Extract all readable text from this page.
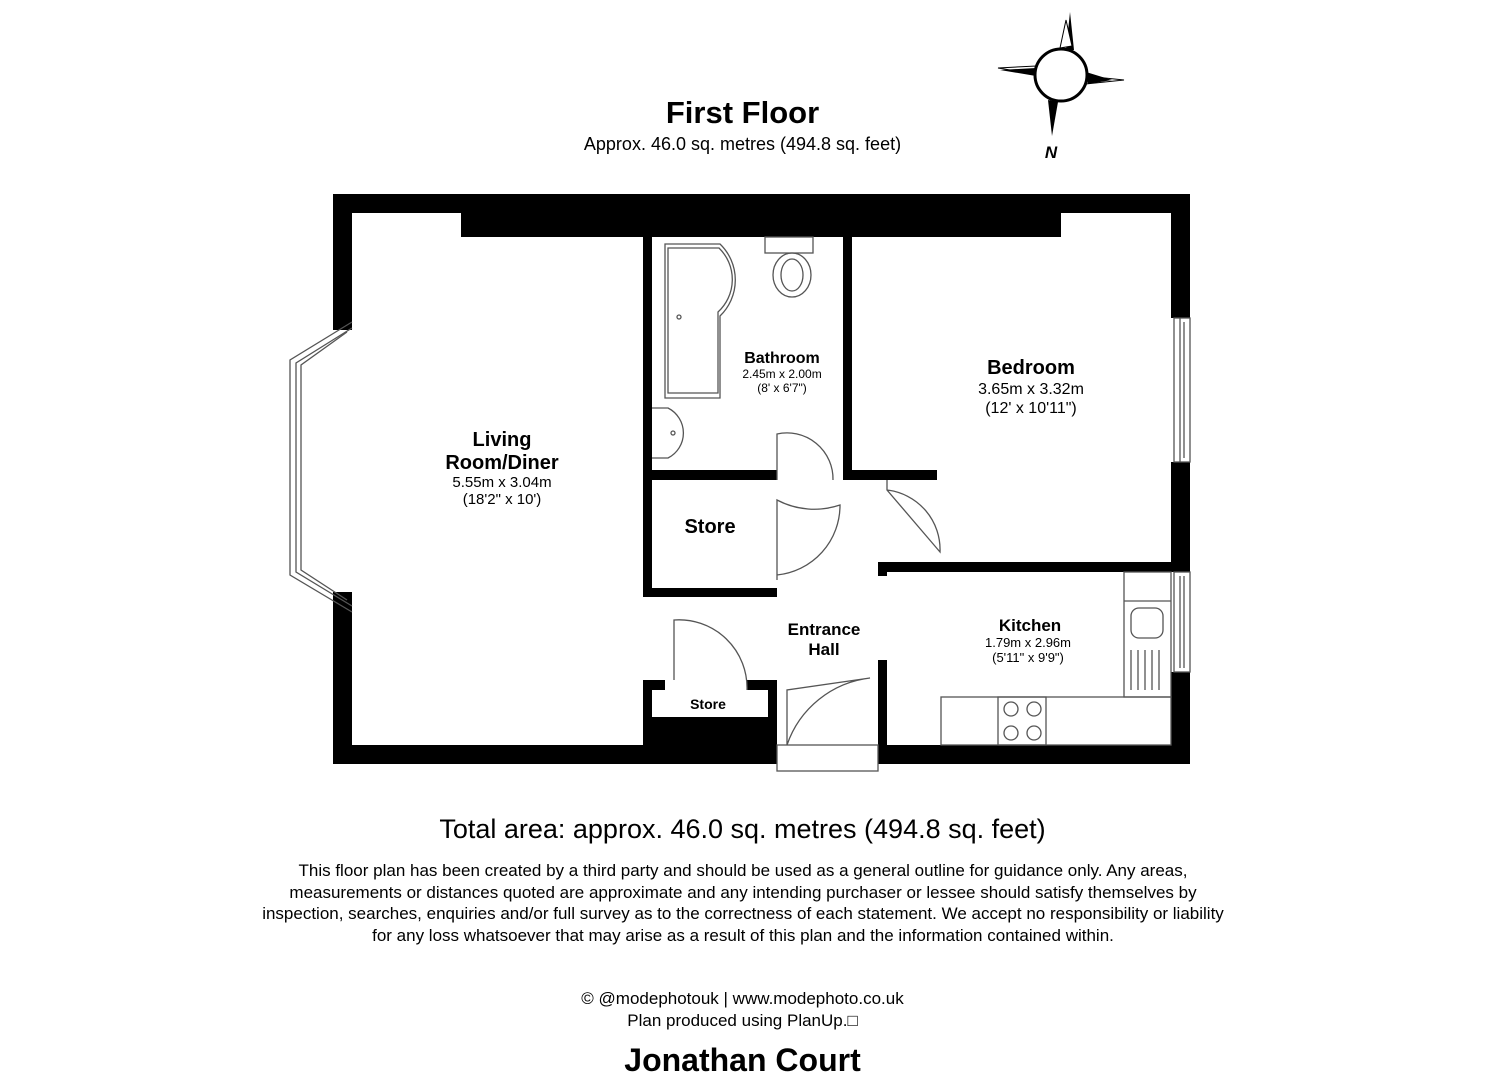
N
Living
Room/Diner
5.55m x 3.04m
(18'2" x 10')
Bathroom
2.45m x 2.00m
(8' x 6'7")
Bedroom
3.65m x 3.32m
(12' x 10'11")
Store
Store
Entrance
Hall
Kitchen
1.79m x 2.96m
(5'11" x 9'9")
First Floor
Approx. 46.0 sq. metres (494.8 sq. feet)
Total area: approx. 46.0 sq. metres (494.8 sq. feet)
This floor plan has been created by a third party and should be used as a general outline for guidance only. Any areas, measurements or distances quoted are approximate and any intending purchaser or lessee should satisfy themselves by inspection, searches, enquiries and/or full survey as to the correctness of each statement. We accept no responsibility or liability for any loss whatsoever that may arise as a result of this plan and the information contained within.
© @modephotouk | www.modephoto.co.uk
Plan produced using PlanUp.□
Jonathan Court
